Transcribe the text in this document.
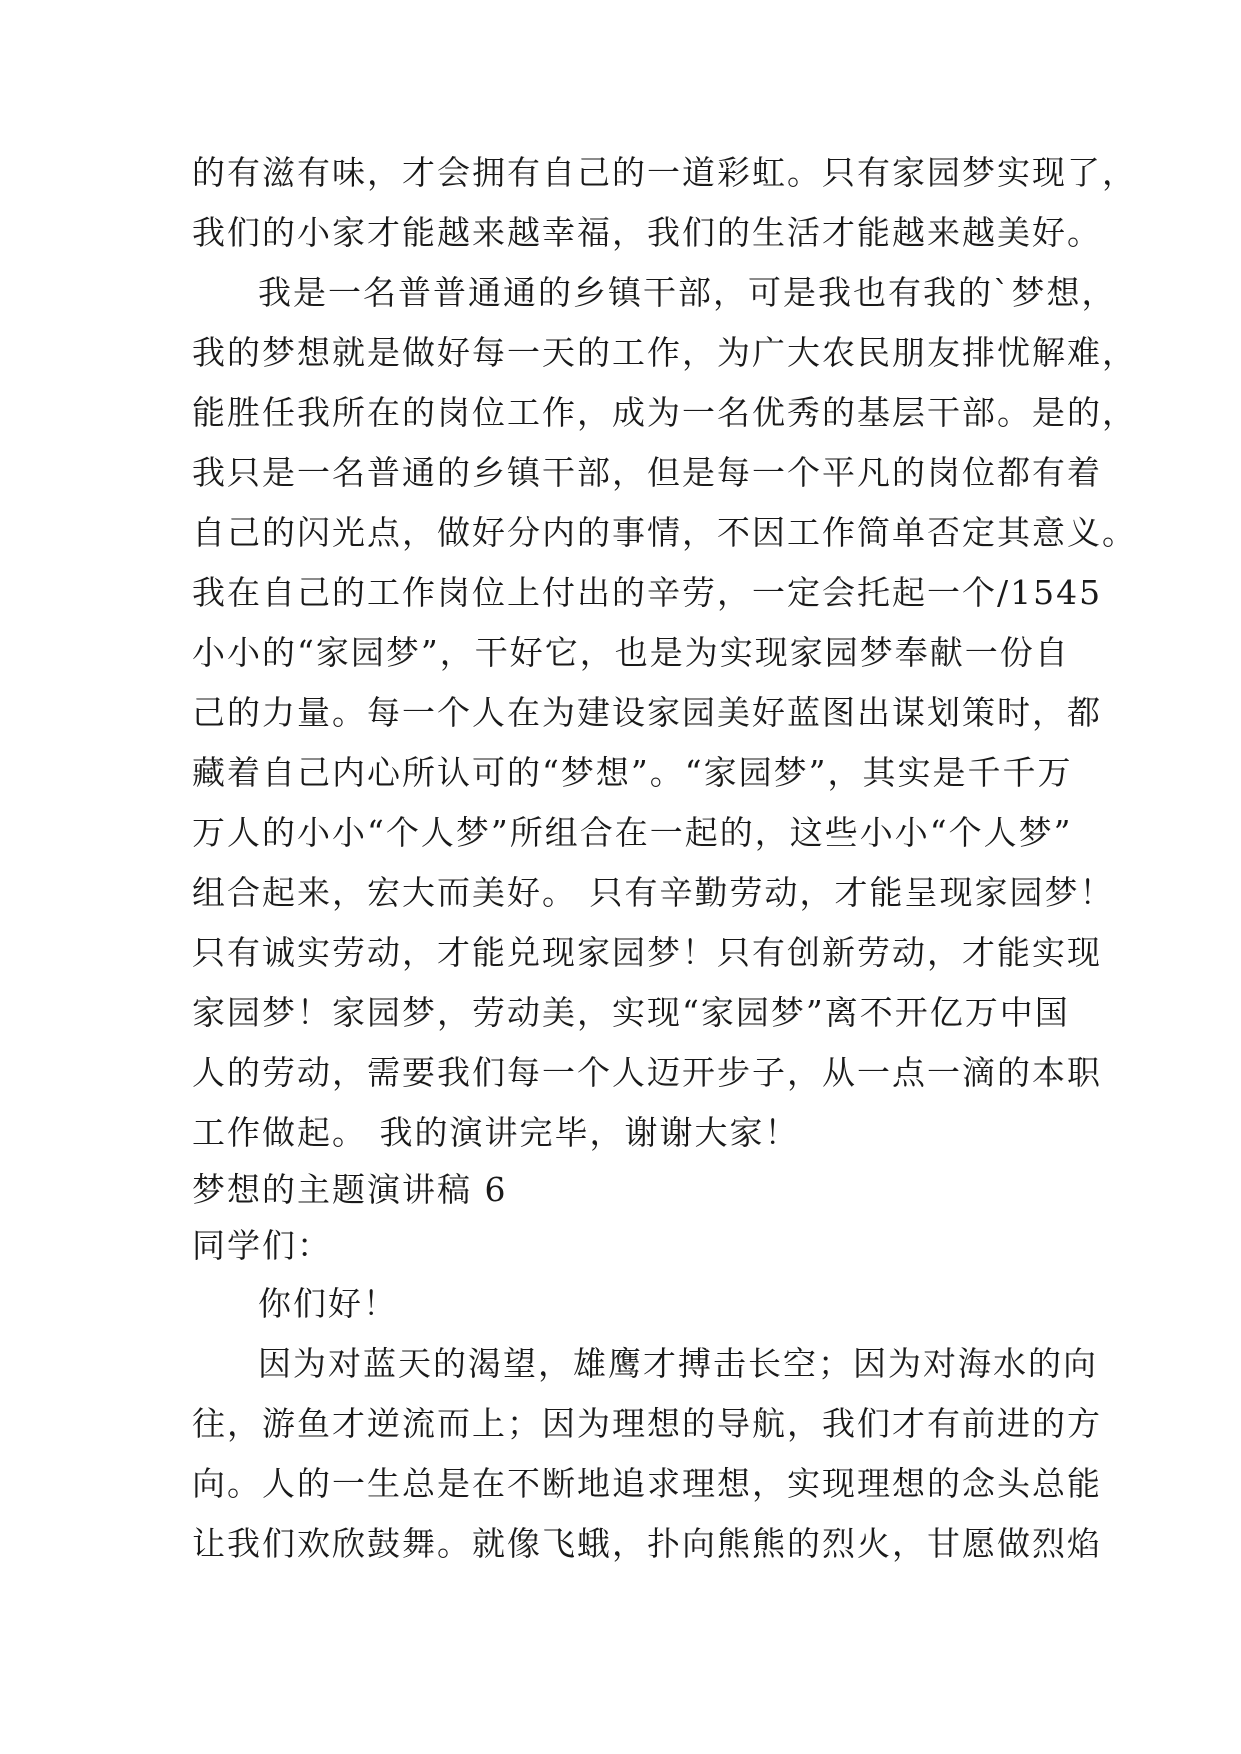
的有滋有味，才会拥有自己的一道彩虹。只有家园梦实现了，
我们的小家才能越来越幸福，我们的生活才能越来越美好。
我是一名普普通通的乡镇干部，可是我也有我的`梦想，
我的梦想就是做好每一天的工作，为广大农民朋友排忧解难，
能胜任我所在的岗位工作，成为一名优秀的基层干部。是的，
我只是一名普通的乡镇干部，但是每一个平凡的岗位都有着
自己的闪光点，做好分内的事情，不因工作简单否定其意义。
我在自己的工作岗位上付出的辛劳，一定会托起一个/1545
小小的“家园梦”，干好它，也是为实现家园梦奉献一份自
己的力量。每一个人在为建设家园美好蓝图出谋划策时，都
藏着自己内心所认可的“梦想”。“家园梦”，其实是千千万
万人的小小“个人梦”所组合在一起的，这些小小“个人梦”
组合起来，宏大而美好。 只有辛勤劳动，才能呈现家园梦！
只有诚实劳动，才能兑现家园梦！只有创新劳动，才能实现
家园梦！家园梦，劳动美，实现“家园梦”离不开亿万中国
人的劳动，需要我们每一个人迈开步子，从一点一滴的本职
工作做起。 我的演讲完毕，谢谢大家！
梦想的主题演讲稿 6
同学们：
你们好！
因为对蓝天的渴望，雄鹰才搏击长空；因为对海水的向
往，游鱼才逆流而上；因为理想的导航，我们才有前进的方
向。人的一生总是在不断地追求理想，实现理想的念头总能
让我们欢欣鼓舞。就像飞蛾，扑向熊熊的烈火，甘愿做烈焰
